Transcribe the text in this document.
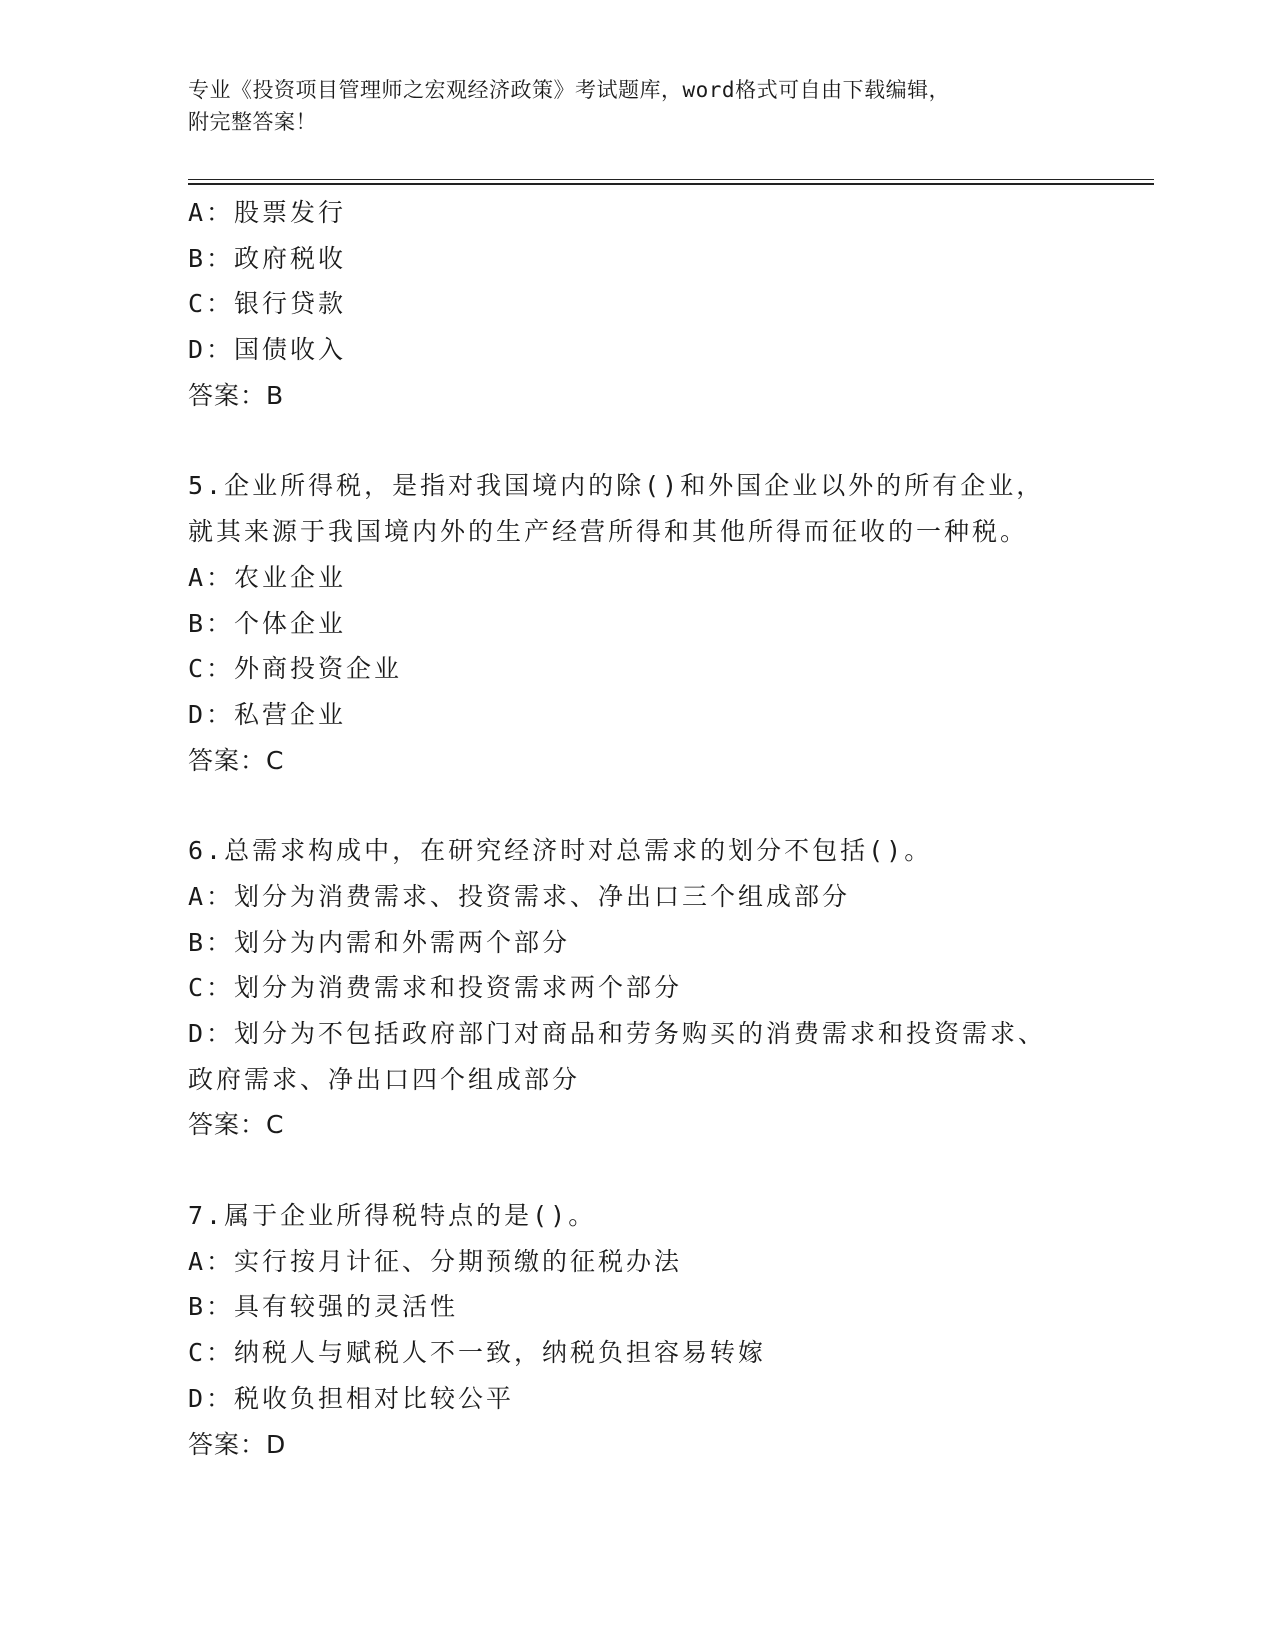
专业《投资项目管理师之宏观经济政策》考试题库，word格式可自由下载编辑，
附完整答案！
A：股票发行
B：政府税收
C：银行贷款
D：国债收入
答案：B
5.企业所得税，是指对我国境内的除()和外国企业以外的所有企业，
就其来源于我国境内外的生产经营所得和其他所得而征收的一种税。
A：农业企业
B：个体企业
C：外商投资企业
D：私营企业
答案：C
6.总需求构成中，在研究经济时对总需求的划分不包括()。
A：划分为消费需求、投资需求、净出口三个组成部分
B：划分为内需和外需两个部分
C：划分为消费需求和投资需求两个部分
D：划分为不包括政府部门对商品和劳务购买的消费需求和投资需求、
政府需求、净出口四个组成部分
答案：C
7.属于企业所得税特点的是()。
A：实行按月计征、分期预缴的征税办法
B：具有较强的灵活性
C：纳税人与赋税人不一致，纳税负担容易转嫁
D：税收负担相对比较公平
答案：D
